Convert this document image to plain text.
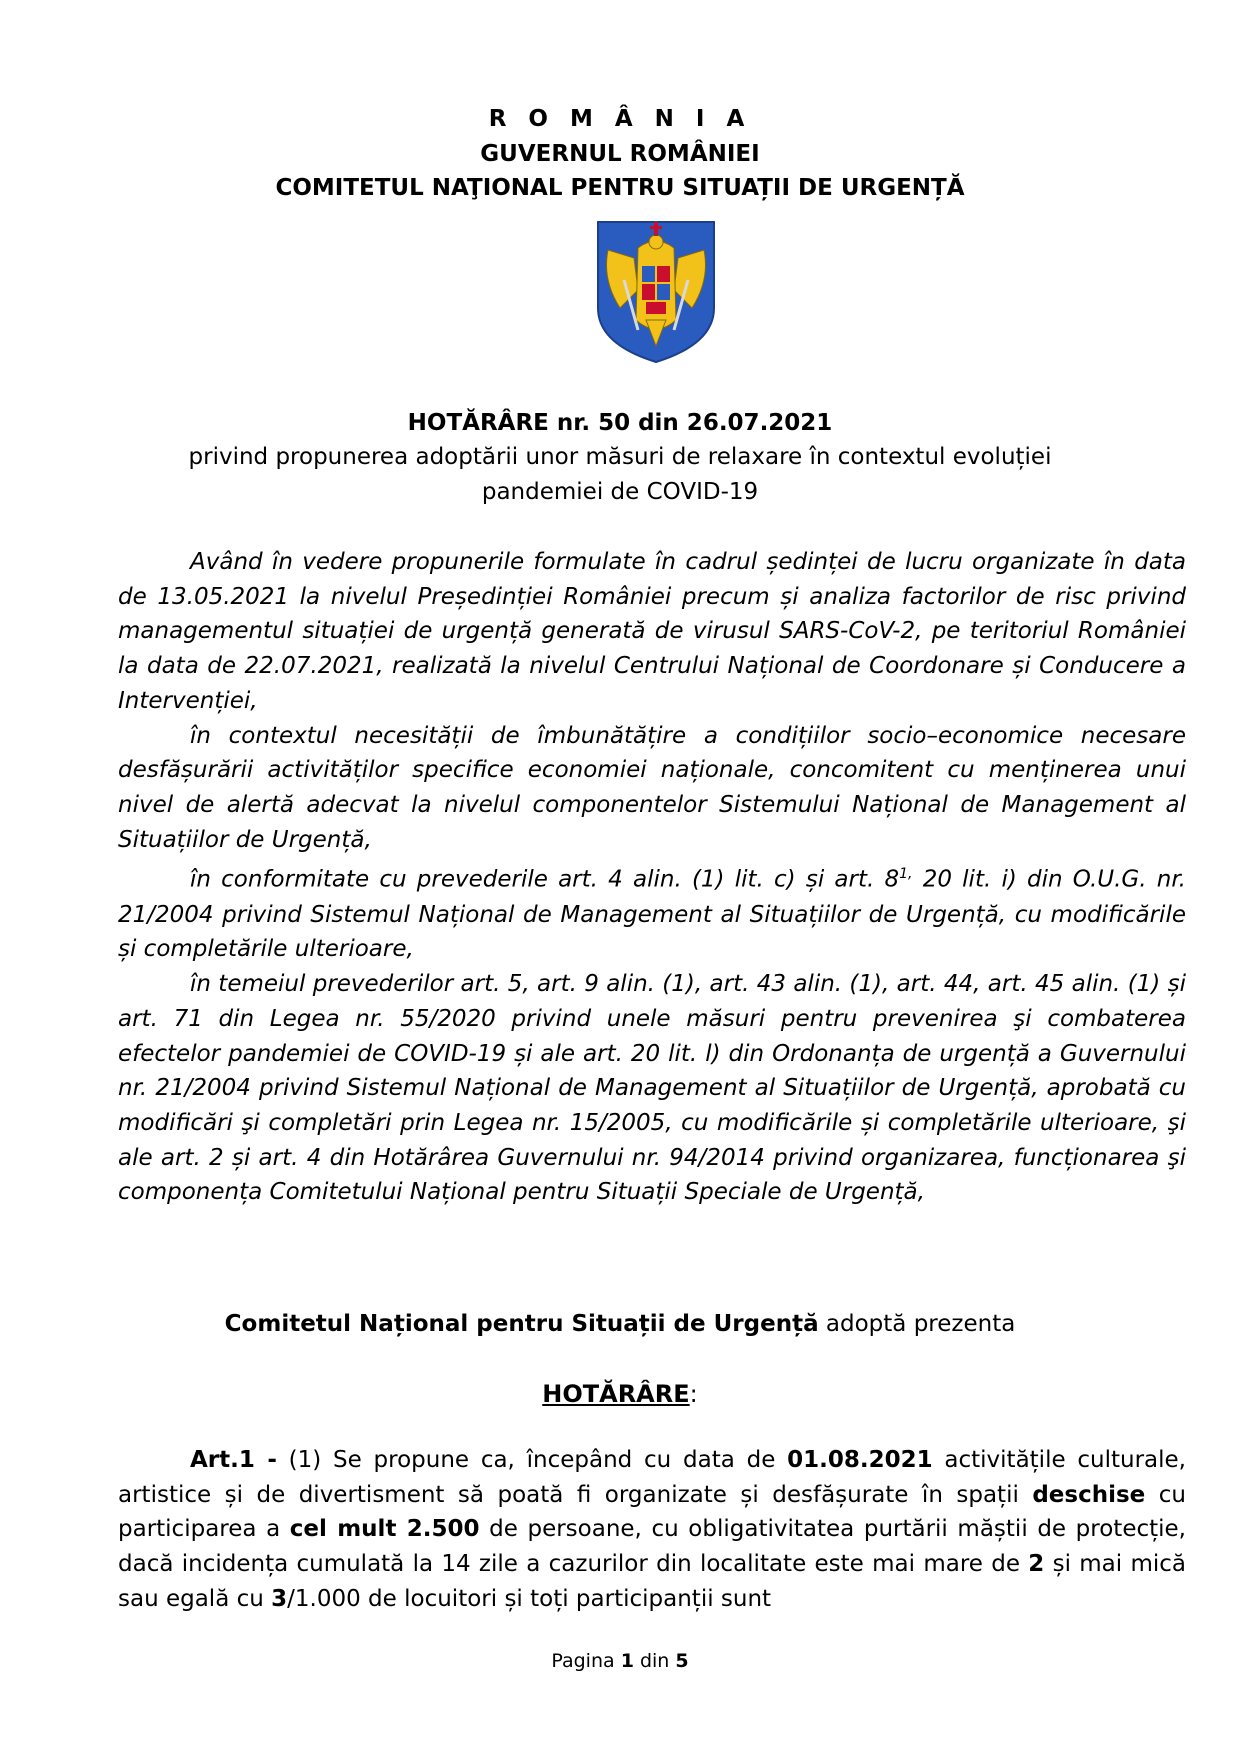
R O M Â N I A
GUVERNUL ROMÂNIEI
COMITETUL NAŢIONAL PENTRU SITUAȚII DE URGENȚĂ
HOTĂRÂRE nr. 50 din 26.07.2021
privind propunerea adoptării unor măsuri de relaxare în contextul evoluției
pandemiei de COVID-19

Având în vedere propunerile formulate în cadrul ședinței de lucru organizate în data de 13.05.2021 la nivelul Președinției României precum și analiza factorilor de risc privind managementul situației de urgență generată de virusul SARS-CoV-2, pe teritoriul României la data de 22.07.2021, realizată la nivelul Centrului Național de Coordonare și Conducere a Intervenției,

în contextul necesității de îmbunătățire a condițiilor socio–economice necesare desfășurării activităților specifice economiei naționale, concomitent cu menținerea unui nivel de alertă adecvat la nivelul componentelor Sistemului Național de Management al Situațiilor de Urgență,

în conformitate cu prevederile art. 4 alin. (1) lit. c) și art. $8^{1,}$ 20 lit. i) din O.U.G. nr. 21/2004 privind Sistemul Național de Management al Situațiilor de Urgență, cu modificările și completările ulterioare,

în temeiul prevederilor art. 5, art. 9 alin. (1), art. 43 alin. (1), art. 44, art. 45 alin. (1) și art. 71 din Legea nr. 55/2020 privind unele măsuri pentru prevenirea şi combaterea efectelor pandemiei de COVID-19 și ale art. 20 lit. l) din Ordonanța de urgență a Guvernului nr. 21/2004 privind Sistemul Național de Management al Situațiilor de Urgență, aprobată cu modificări şi completări prin Legea nr. 15/2005, cu modificările și completările ulterioare, şi ale art. 2 și art. 4 din Hotărârea Guvernului nr. 94/2014 privind organizarea, funcționarea şi componența Comitetului Național pentru Situații Speciale de Urgență,

Comitetul Național pentru Situații de Urgență adoptă prezenta
HOTĂRÂRE:

Art.1 - (1) Se propune ca, începând cu data de 01.08.2021 activitățile culturale, artistice și de divertisment să poată fi organizate și desfășurate în spații deschise cu participarea a cel mult 2.500 de persoane, cu obligativitatea purtării măștii de protecție, dacă incidența cumulată la 14 zile a cazurilor din localitate este mai mare de 2 și mai mică sau egală cu 3/1.000 de locuitori și toți participanții sunt

Pagina 1 din 5
